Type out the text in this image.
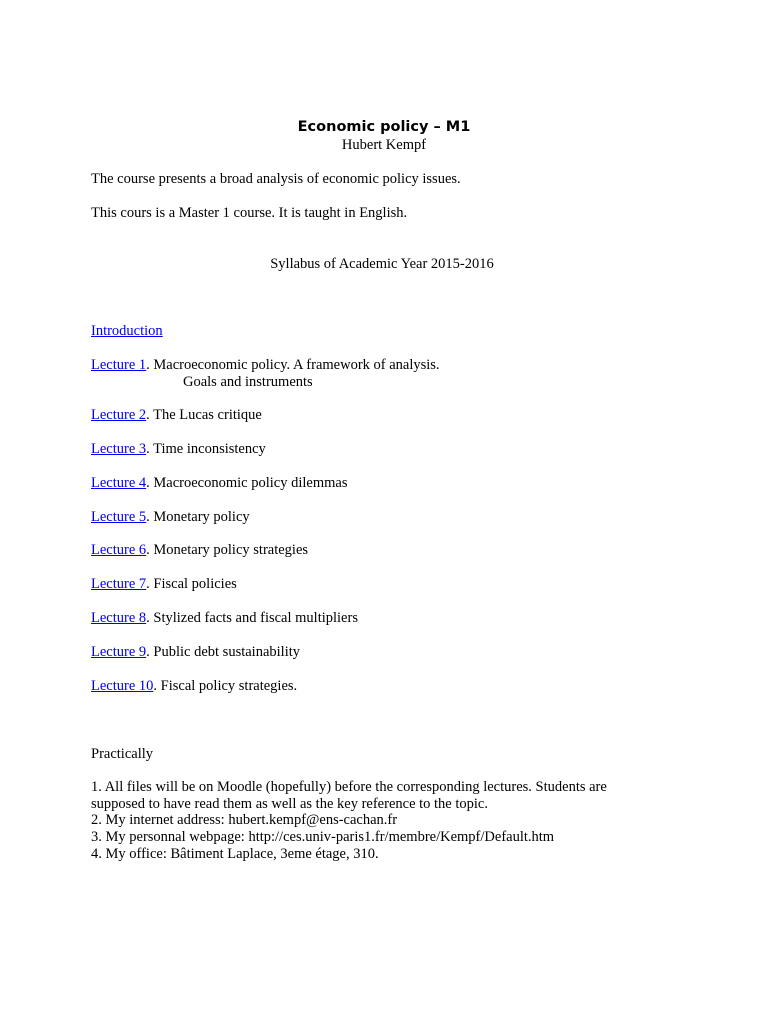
Economic policy – M1
Hubert Kempf
The course presents a broad analysis of economic policy issues.
This cours is a Master 1 course. It is taught in English.
Syllabus of Academic Year 2015-2016
Introduction
Lecture 1. Macroeconomic policy. A framework of analysis.
Goals and instruments
Lecture 2. The Lucas critique
Lecture 3. Time inconsistency
Lecture 4. Macroeconomic policy dilemmas
Lecture 5. Monetary policy
Lecture 6. Monetary policy strategies
Lecture 7. Fiscal policies
Lecture 8. Stylized facts and fiscal multipliers
Lecture 9. Public debt sustainability
Lecture 10. Fiscal policy strategies.
Practically
1. All files will be on Moodle (hopefully) before the corresponding lectures. Students are supposed to have read them as well as the key reference to the topic.
2. My internet address: hubert.kempf@ens-cachan.fr
3. My personnal webpage: http://ces.univ-paris1.fr/membre/Kempf/Default.htm
4. My office: Bâtiment Laplace, 3eme étage, 310.
